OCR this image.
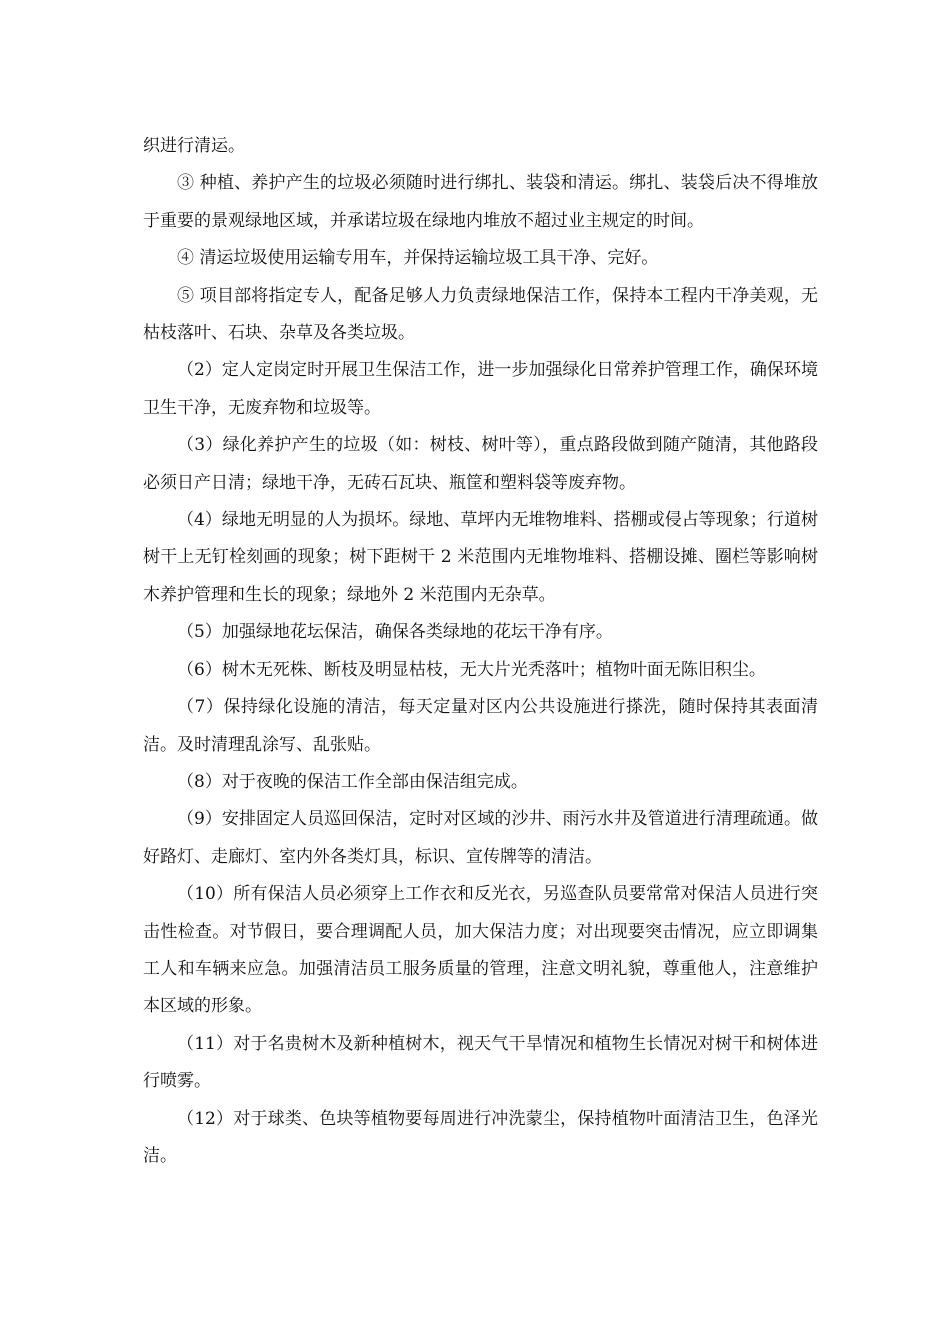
织进行清运。

③ 种植、养护产生的垃圾必须随时进行绑扎、装袋和清运。绑扎、装袋后决不得堆放于重要的景观绿地区域，并承诺垃圾在绿地内堆放不超过业主规定的时间。

④ 清运垃圾使用运输专用车，并保持运输垃圾工具干净、完好。

⑤ 项目部将指定专人，配备足够人力负责绿地保洁工作，保持本工程内干净美观，无枯枝落叶、石块、杂草及各类垃圾。

（2）定人定岗定时开展卫生保洁工作，进一步加强绿化日常养护管理工作，确保环境卫生干净，无废弃物和垃圾等。

（3）绿化养护产生的垃圾（如：树枝、树叶等），重点路段做到随产随清，其他路段必须日产日清；绿地干净，无砖石瓦块、瓶筐和塑料袋等废弃物。

（4）绿地无明显的人为损坏。绿地、草坪内无堆物堆料、搭棚或侵占等现象；行道树树干上无钉栓刻画的现象；树下距树干 2 米范围内无堆物堆料、搭棚设摊、圈栏等影响树木养护管理和生长的现象；绿地外 2 米范围内无杂草。

（5）加强绿地花坛保洁，确保各类绿地的花坛干净有序。

（6）树木无死株、断枝及明显枯枝，无大片光秃落叶；植物叶面无陈旧积尘。

（7）保持绿化设施的清洁，每天定量对区内公共设施进行搽洗，随时保持其表面清洁。及时清理乱涂写、乱张贴。

（8）对于夜晚的保洁工作全部由保洁组完成。

（9）安排固定人员巡回保洁，定时对区域的沙井、雨污水井及管道进行清理疏通。做好路灯、走廊灯、室内外各类灯具，标识、宣传牌等的清洁。

（10）所有保洁人员必须穿上工作衣和反光衣，另巡查队员要常常对保洁人员进行突击性检查。对节假日，要合理调配人员，加大保洁力度；对出现要突击情况，应立即调集工人和车辆来应急。加强清洁员工服务质量的管理，注意文明礼貌，尊重他人，注意维护本区域的形象。

（11）对于名贵树木及新种植树木，视天气干旱情况和植物生长情况对树干和树体进行喷雾。

（12）对于球类、色块等植物要每周进行冲洗蒙尘，保持植物叶面清洁卫生，色泽光洁。
